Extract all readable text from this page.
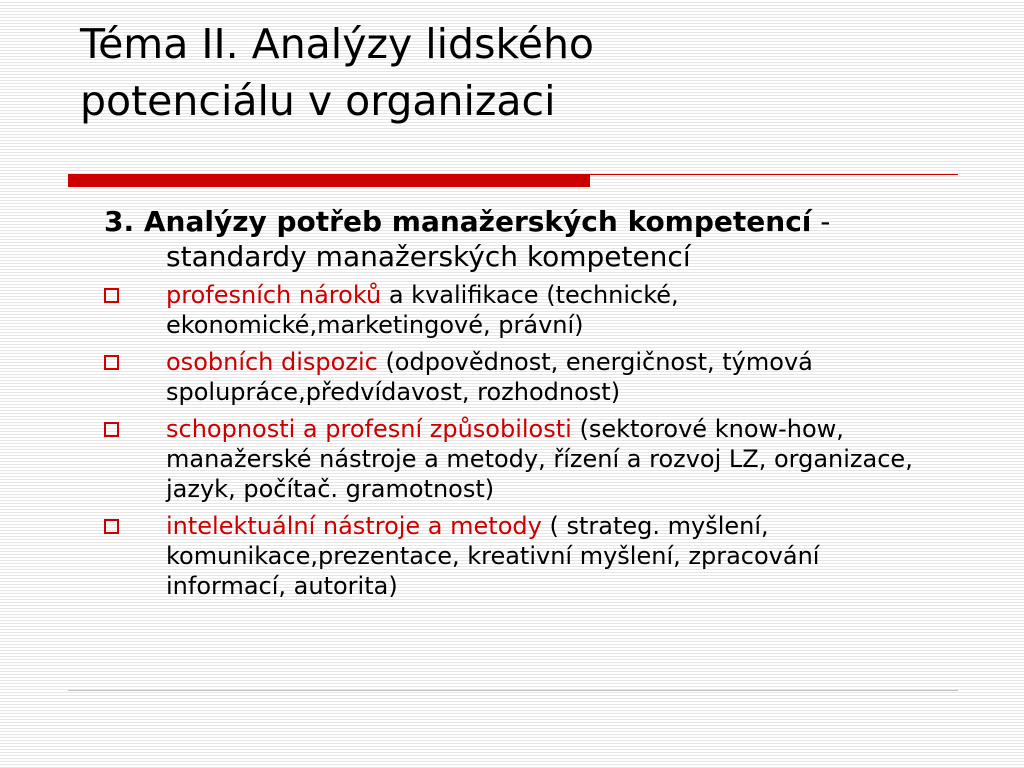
Téma II. Analýzy lidského
potenciálu v organizaci

3. Analýzy potřeb manažerských kompetencí -standardy manažerských kompetencí

profesních nároků a kvalifikace (technické, ekonomické,marketingové, právní)
osobních dispozic (odpovědnost, energičnost, týmová spolupráce,předvídavost, rozhodnost)
schopnosti a profesní způsobilosti (sektorové know-how, manažerské nástroje a metody, řízení a rozvoj LZ, organizace, jazyk, počítač. gramotnost)
intelektuální nástroje a metody ( strateg. myšlení, komunikace,prezentace, kreativní myšlení, zpracování informací, autorita)
